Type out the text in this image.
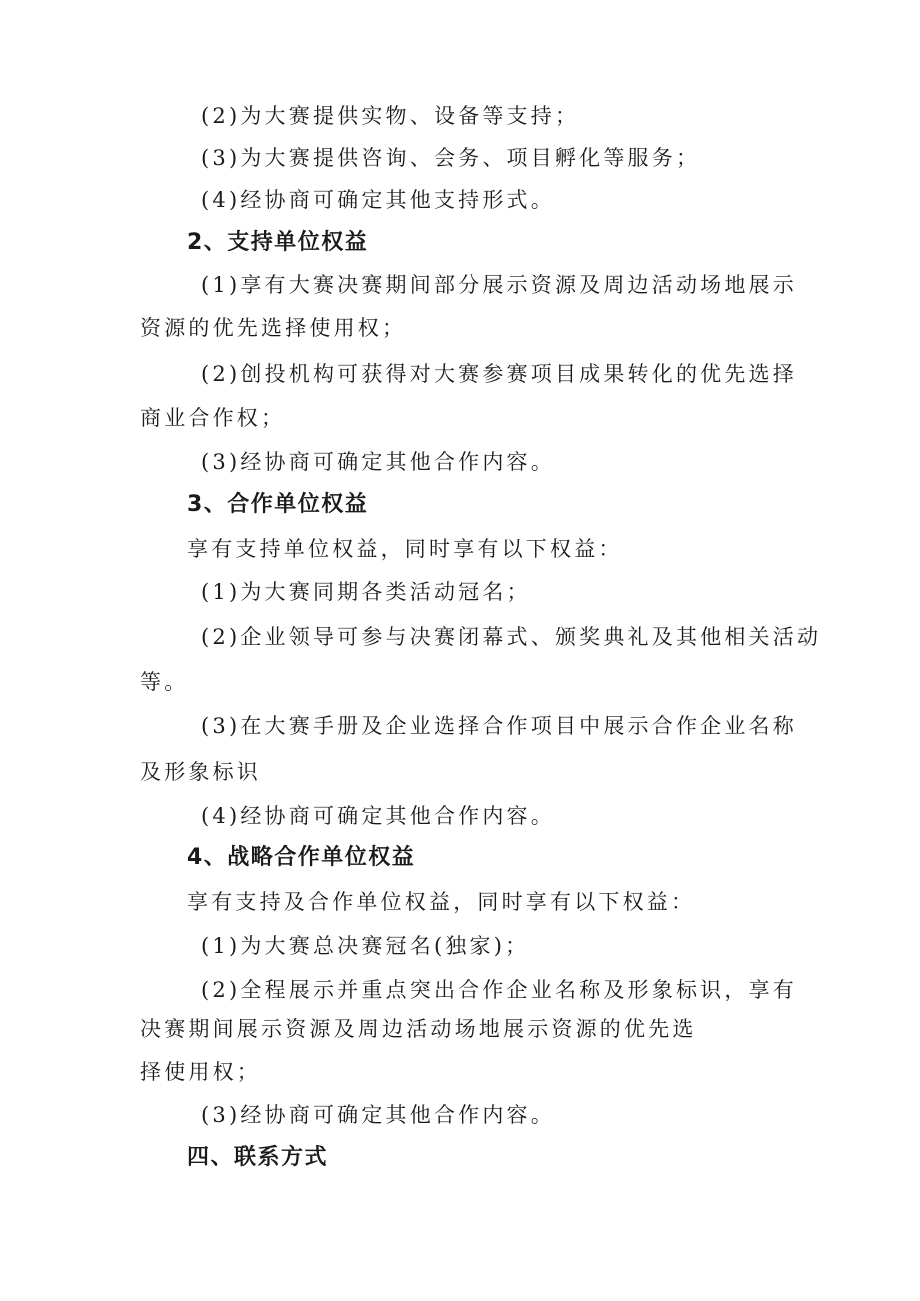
(2)为大赛提供实物、设备等支持；
(3)为大赛提供咨询、会务、项目孵化等服务；
(4)经协商可确定其他支持形式。
2、支持单位权益
(1)享有大赛决赛期间部分展示资源及周边活动场地展示
资源的优先选择使用权；
(2)创投机构可获得对大赛参赛项目成果转化的优先选择
商业合作权；
(3)经协商可确定其他合作内容。
3、合作单位权益
享有支持单位权益，同时享有以下权益：
(1)为大赛同期各类活动冠名；
(2)企业领导可参与决赛闭幕式、颁奖典礼及其他相关活动
等。
(3)在大赛手册及企业选择合作项目中展示合作企业名称
及形象标识
(4)经协商可确定其他合作内容。
4、战略合作单位权益
享有支持及合作单位权益，同时享有以下权益：
(1)为大赛总决赛冠名(独家)；
(2)全程展示并重点突出合作企业名称及形象标识，享有
决赛期间展示资源及周边活动场地展示资源的优先选
择使用权；
(3)经协商可确定其他合作内容。
四、联系方式
